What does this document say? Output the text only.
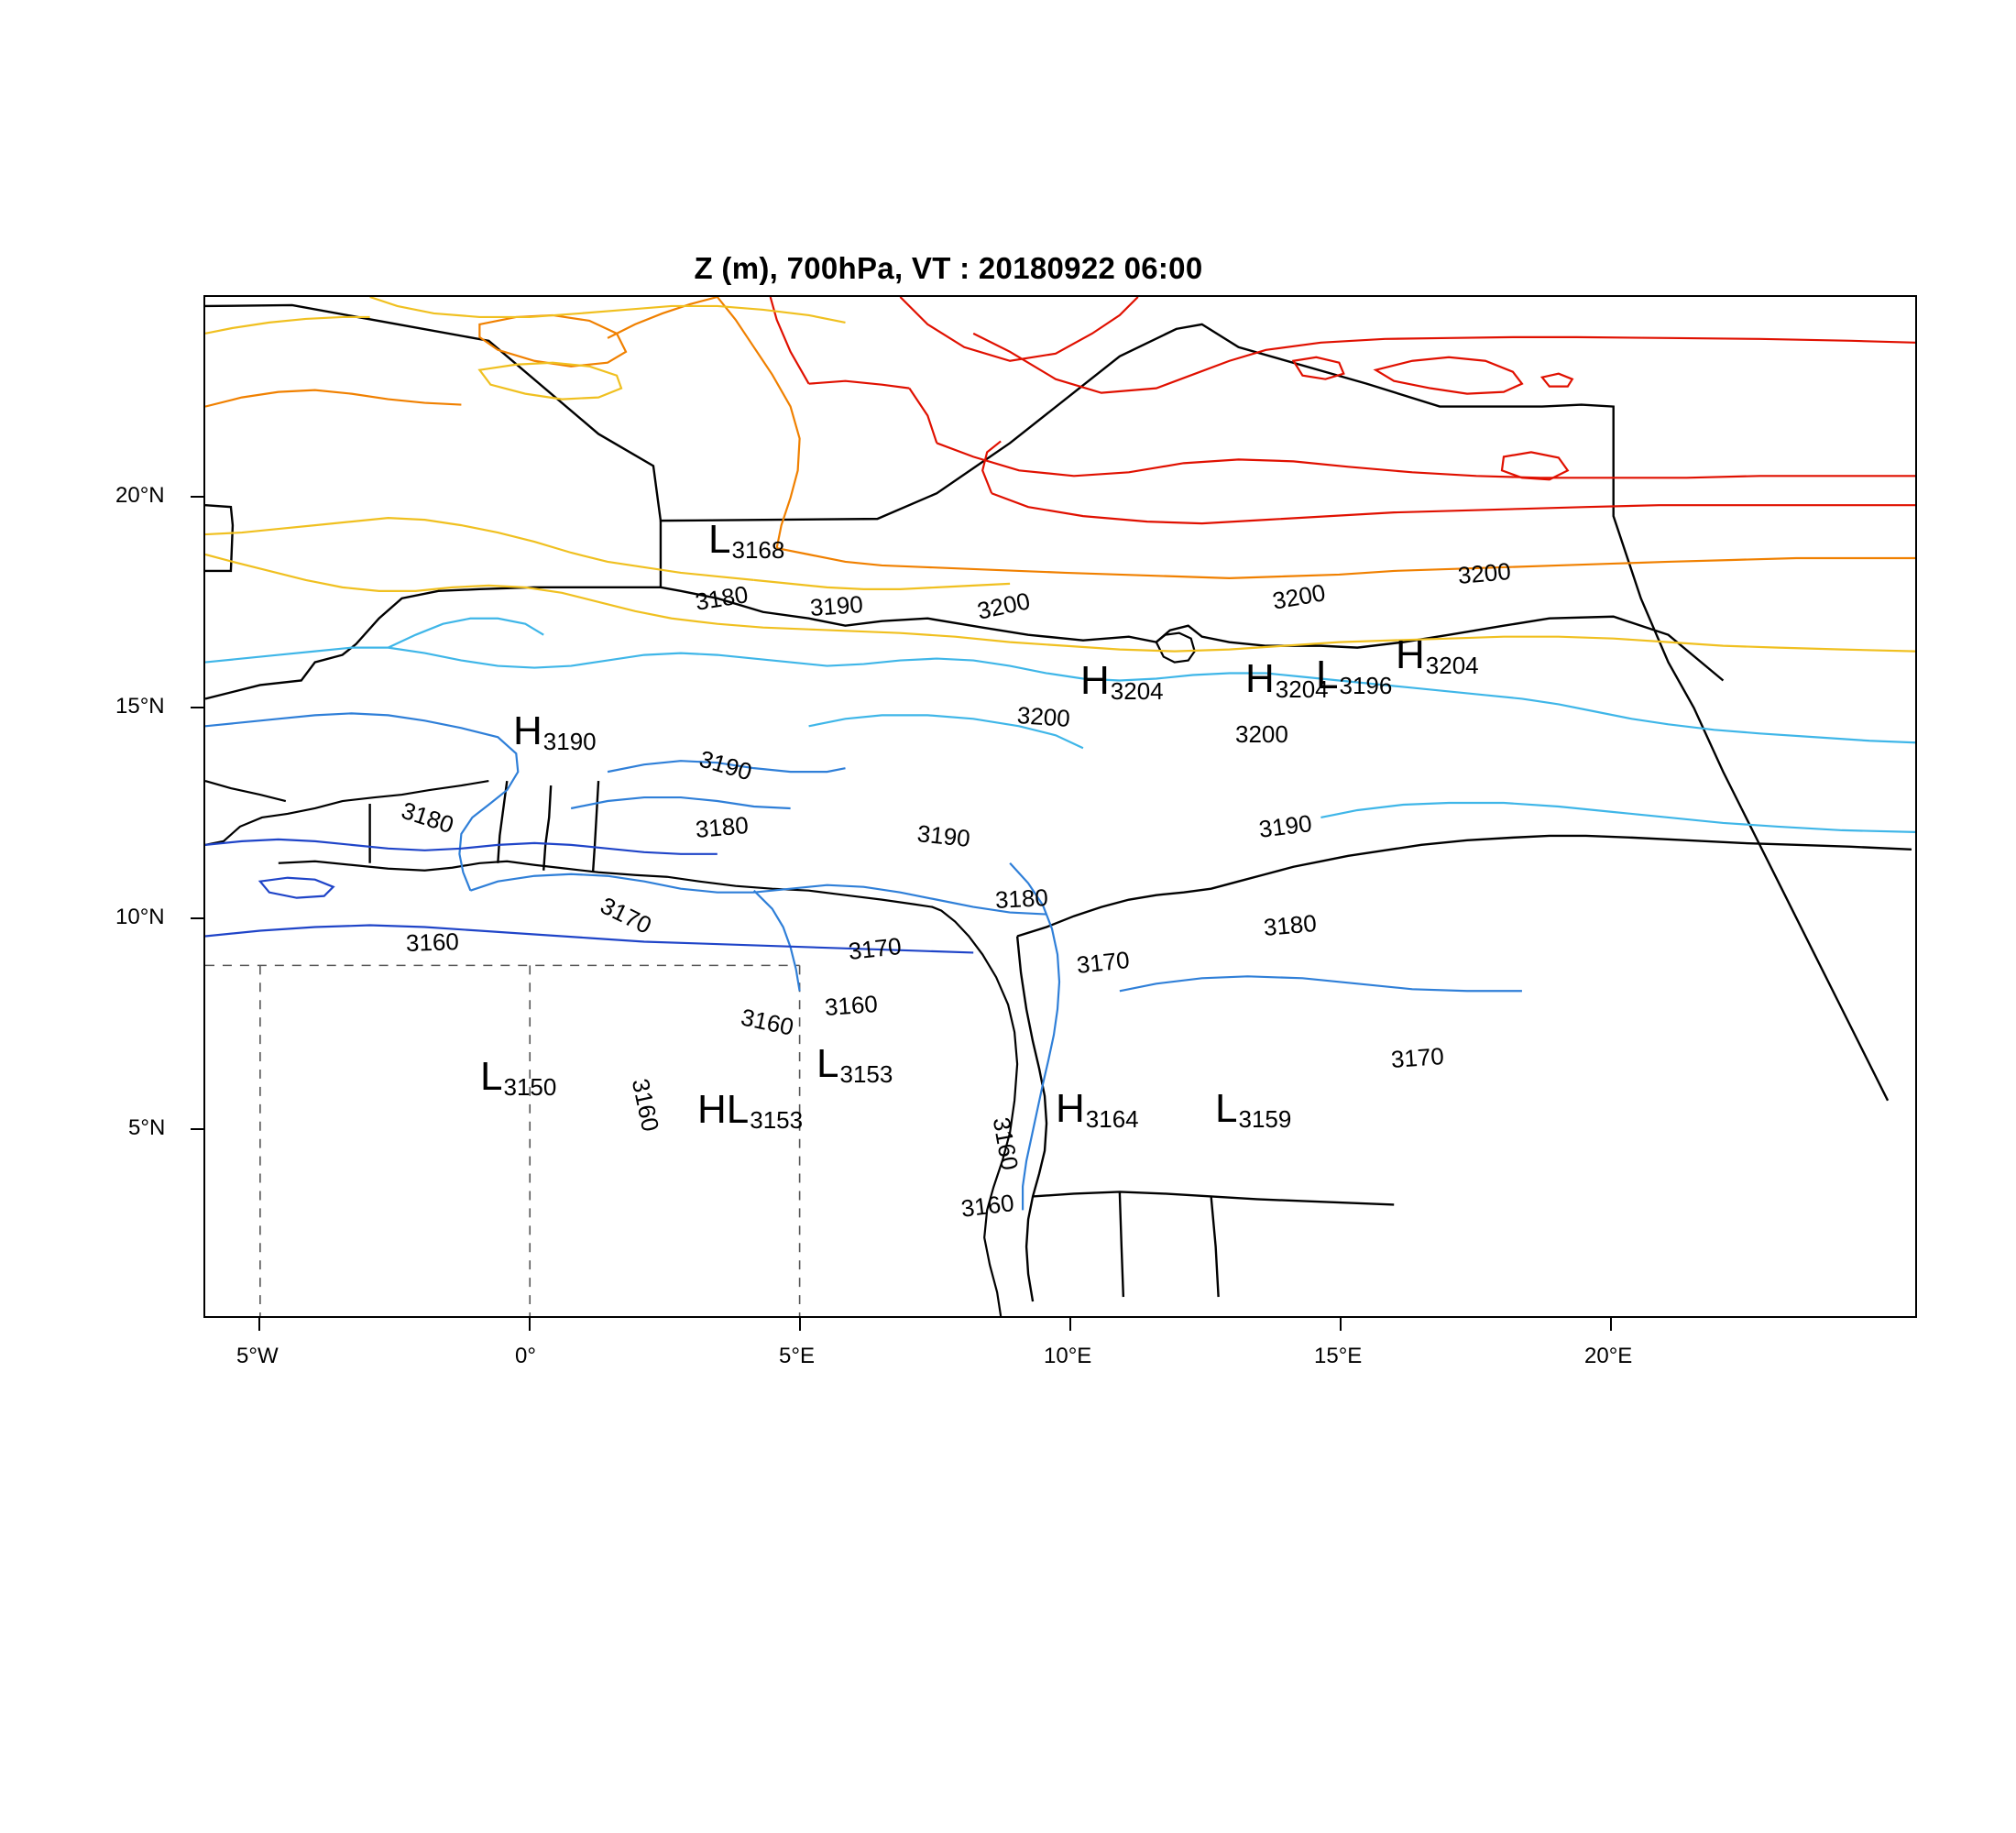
Z (m), 700hPa, VT : 20180922 06:00
3180 3190	3200	3200
3200
3200
3200
3190
3180	3180	3190	3190
3170	3180
3180
3160	3170	3170
3160
3160
3170
3160
3160
3160
$L_{3168}$
$H_{3190}$
$H_{3204}$ $H_{3204}$
$L_{3196}$
$H_{3204}$
$L_{3150}$
$L_{3153}$
$HL_{3153}$	$H_{3164}$ $L_{3159}$
5°N
10°N
15°N
20°N
5°W	0°	5°E	10°E	15°E	20°E
